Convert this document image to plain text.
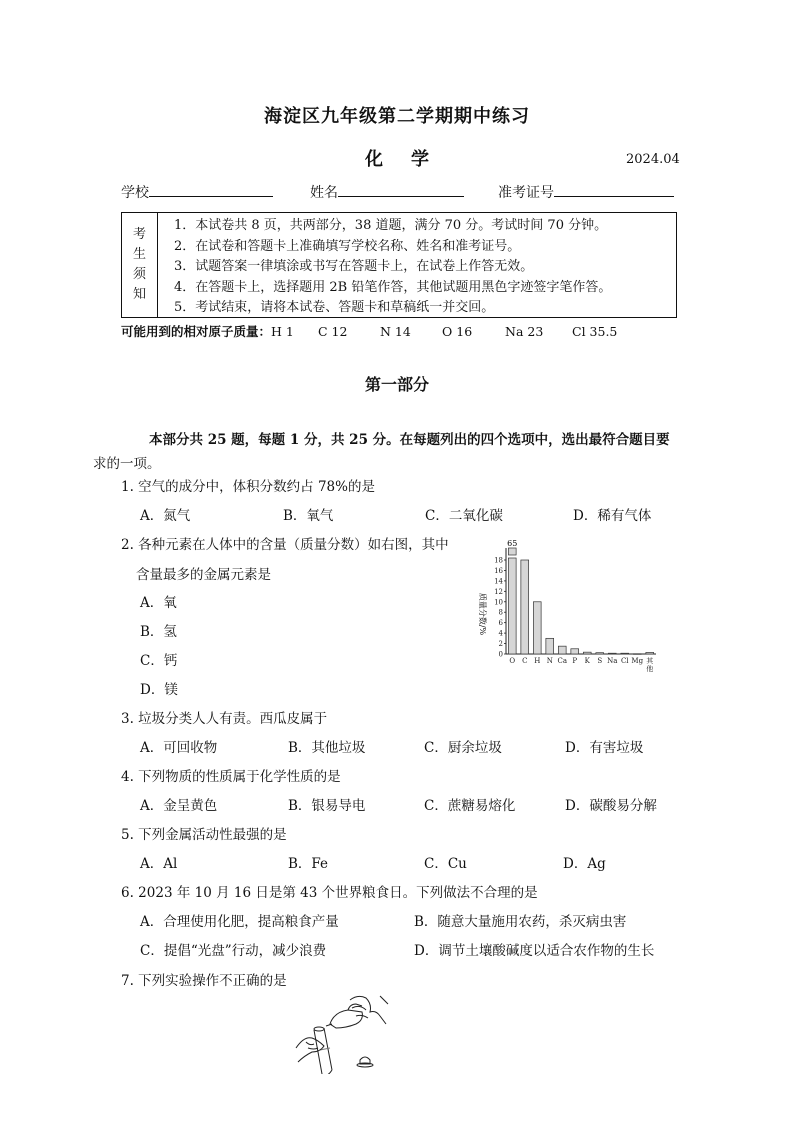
海淀区九年级第二学期期中练习
化 学	2024.04
学校	姓名	准考证号
考
生
须
知
1．本试卷共 8 页，共两部分，38 道题，满分 70 分。考试时间 70 分钟。
2．在试卷和答题卡上准确填写学校名称、姓名和准考证号。
3．试题答案一律填涂或书写在答题卡上，在试卷上作答无效。
4．在答题卡上，选择题用 2B 铅笔作答，其他试题用黑色字迹签字笔作答。
5．考试结束，请将本试卷、答题卡和草稿纸一并交回。
可能用到的相对原子质量：H 1 C 12	N 14 O 16	Na 23 Cl 35.5
第一部分
本部分共 25 题，每题 1 分，共 25 分。在每题列出的四个选项中，选出最符合题目要
求的一项。
1. 空气的成分中，体积分数约占 78%的是
A．氮气	B．氧气	C．二氧化碳	D．稀有气体
2. 各种元素在人体中的含量（质量分数）如右图，其中
含量最多的金属元素是
A．氧
B．氢
C．钙
D．镁
质量分数/%
0
2
4
6
8
10
12
14
16
18
O C H N Ca P K S Na Cl Mg 其
他
65
3. 垃圾分类人人有责。西瓜皮属于
A．可回收物	B．其他垃圾	C．厨余垃圾	D．有害垃圾
4. 下列物质的性质属于化学性质的是
A．金呈黄色	B．银易导电	C．蔗糖易熔化	D．碳酸易分解
5. 下列金属活动性最强的是
A．Al	B．Fe	C．Cu	D．Ag
6. 2023 年 10 月 16 日是第 43 个世界粮食日。下列做法不合理的是
A．合理使用化肥，提高粮食产量	B．随意大量施用农药，杀灭病虫害
C．提倡“光盘”行动，减少浪费	D．调节土壤酸碱度以适合农作物的生长
7. 下列实验操作不正确的是
